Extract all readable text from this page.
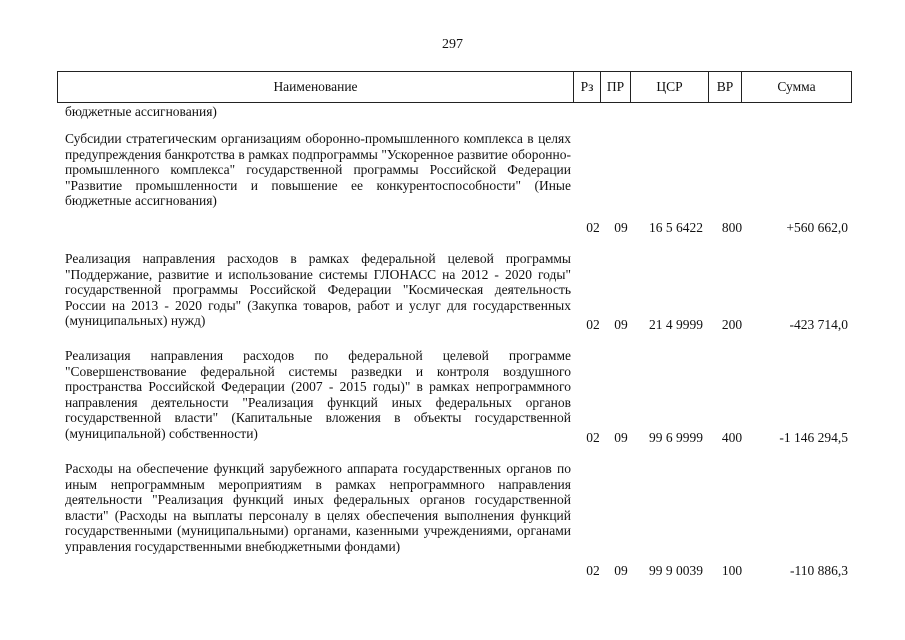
297
Наименование	Рз ПР	ЦСР	ВР	Сумма
бюджетные ассигнования)
Субсидии стратегическим организациям оборонно-промышленного комплекса в целях предупреждения банкротства в рамках подпрограммы "Ускоренное развитие оборонно-промышленного комплекса" государственной программы Российской Федерации "Развитие промышленности и повышение ее конкурентоспособности" (Иные бюджетные ассигнования)
02	09	16 5 6422	800	+560 662,0
Реализация направления расходов в рамках федеральной целевой программы "Поддержание, развитие и использование системы ГЛОНАСС на 2012 - 2020 годы" государственной программы Российской Федерации "Космическая деятельность России на 2013 - 2020 годы" (Закупка товаров, работ и услуг для государственных (муниципальных) нужд)	02	09	21 4 9999	200	-423 714,0
Реализация направления расходов по федеральной целевой программе "Совершенствование федеральной системы разведки и контроля воздушного пространства Российской Федерации (2007 - 2015 годы)" в рамках непрограммного направления деятельности "Реализация функций иных федеральных органов государственной власти" (Капитальные вложения в объекты государственной (муниципальной) собственности)	02	09	99 6 9999	400	-1 146 294,5
Расходы на обеспечение функций зарубежного аппарата государственных органов по иным непрограммным мероприятиям в рамках непрограммного направления деятельности "Реализация функций иных федеральных органов государственной власти" (Расходы на выплаты персоналу в целях обеспечения выполнения функций государственными (муниципальными) органами, казенными учреждениями, органами управления государственными внебюджетными фондами)
02	09	99 9 0039	100	-110 886,3
